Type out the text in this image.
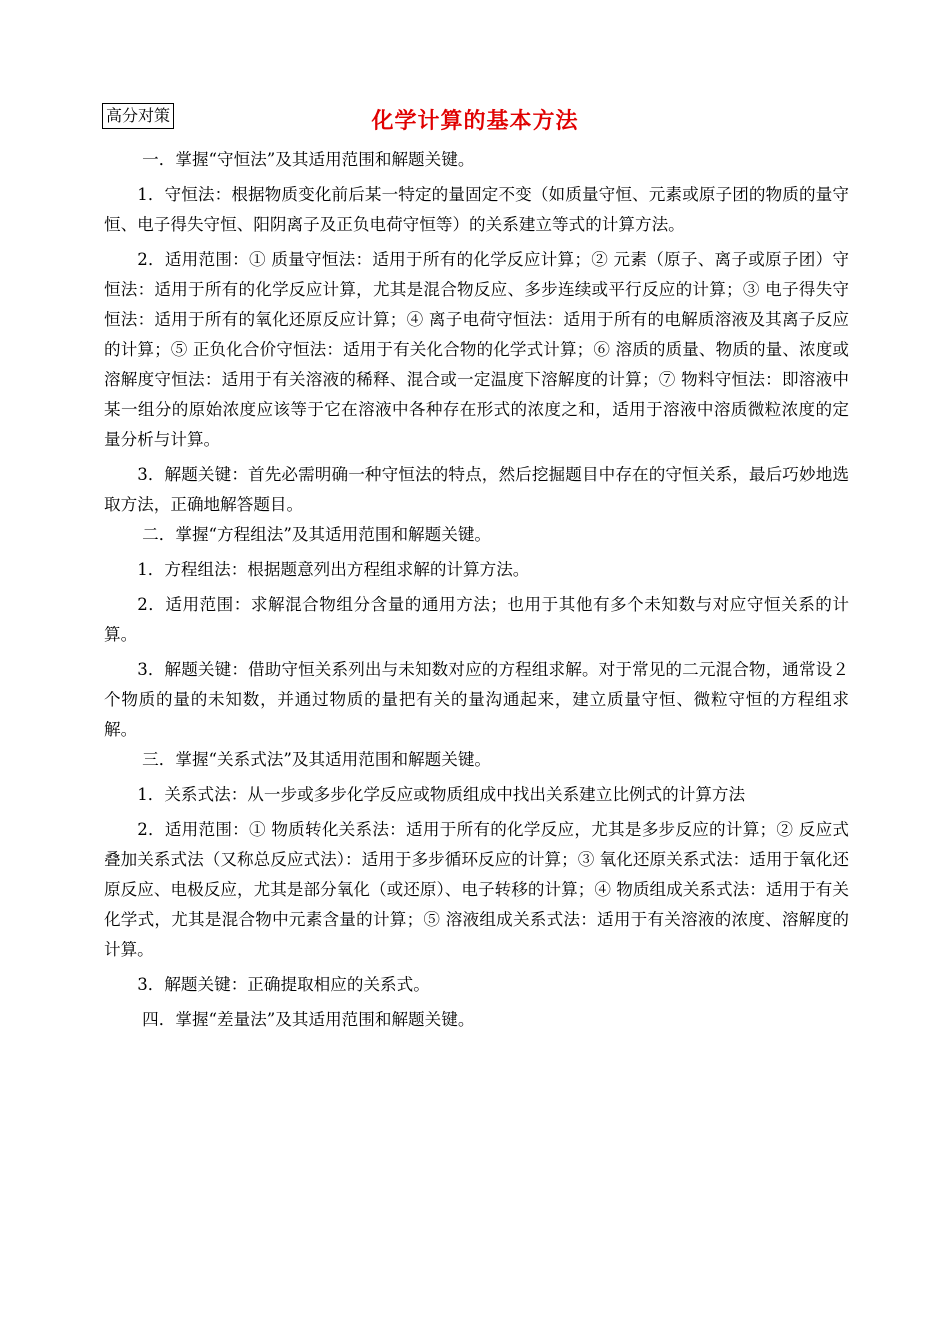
高分对策	化学计算的基本方法

一．掌握“守恒法”及其适用范围和解题关键。

1．守恒法：根据物质变化前后某一特定的量固定不变（如质量守恒、元素或原子团的物质的量守恒、电子得失守恒、阳阴离子及正负电荷守恒等）的关系建立等式的计算方法。

2．适用范围：① 质量守恒法：适用于所有的化学反应计算；② 元素（原子、离子或原子团）守恒法：适用于所有的化学反应计算，尤其是混合物反应、多步连续或平行反应的计算；③ 电子得失守恒法：适用于所有的氧化还原反应计算；④ 离子电荷守恒法：适用于所有的电解质溶液及其离子反应的计算；⑤ 正负化合价守恒法：适用于有关化合物的化学式计算；⑥ 溶质的质量、物质的量、浓度或溶解度守恒法：适用于有关溶液的稀释、混合或一定温度下溶解度的计算；⑦ 物料守恒法：即溶液中某一组分的原始浓度应该等于它在溶液中各种存在形式的浓度之和，适用于溶液中溶质微粒浓度的定量分析与计算。

3．解题关键：首先必需明确一种守恒法的特点，然后挖掘题目中存在的守恒关系，最后巧妙地选取方法，正确地解答题目。

二．掌握“方程组法”及其适用范围和解题关键。

1．方程组法：根据题意列出方程组求解的计算方法。

2．适用范围：求解混合物组分含量的通用方法；也用于其他有多个未知数与对应守恒关系的计算。

3．解题关键：借助守恒关系列出与未知数对应的方程组求解。对于常见的二元混合物，通常设２个物质的量的未知数，并通过物质的量把有关的量沟通起来，建立质量守恒、微粒守恒的方程组求解。

三．掌握“关系式法”及其适用范围和解题关键。

1．关系式法：从一步或多步化学反应或物质组成中找出关系建立比例式的计算方法

2．适用范围：① 物质转化关系法：适用于所有的化学反应，尤其是多步反应的计算；② 反应式叠加关系式法（又称总反应式法）：适用于多步循环反应的计算；③ 氧化还原关系式法：适用于氧化还原反应、电极反应，尤其是部分氧化（或还原）、电子转移的计算；④ 物质组成关系式法：适用于有关化学式，尤其是混合物中元素含量的计算；⑤ 溶液组成关系式法：适用于有关溶液的浓度、溶解度的计算。

3．解题关键：正确提取相应的关系式。

四．掌握“差量法”及其适用范围和解题关键。
